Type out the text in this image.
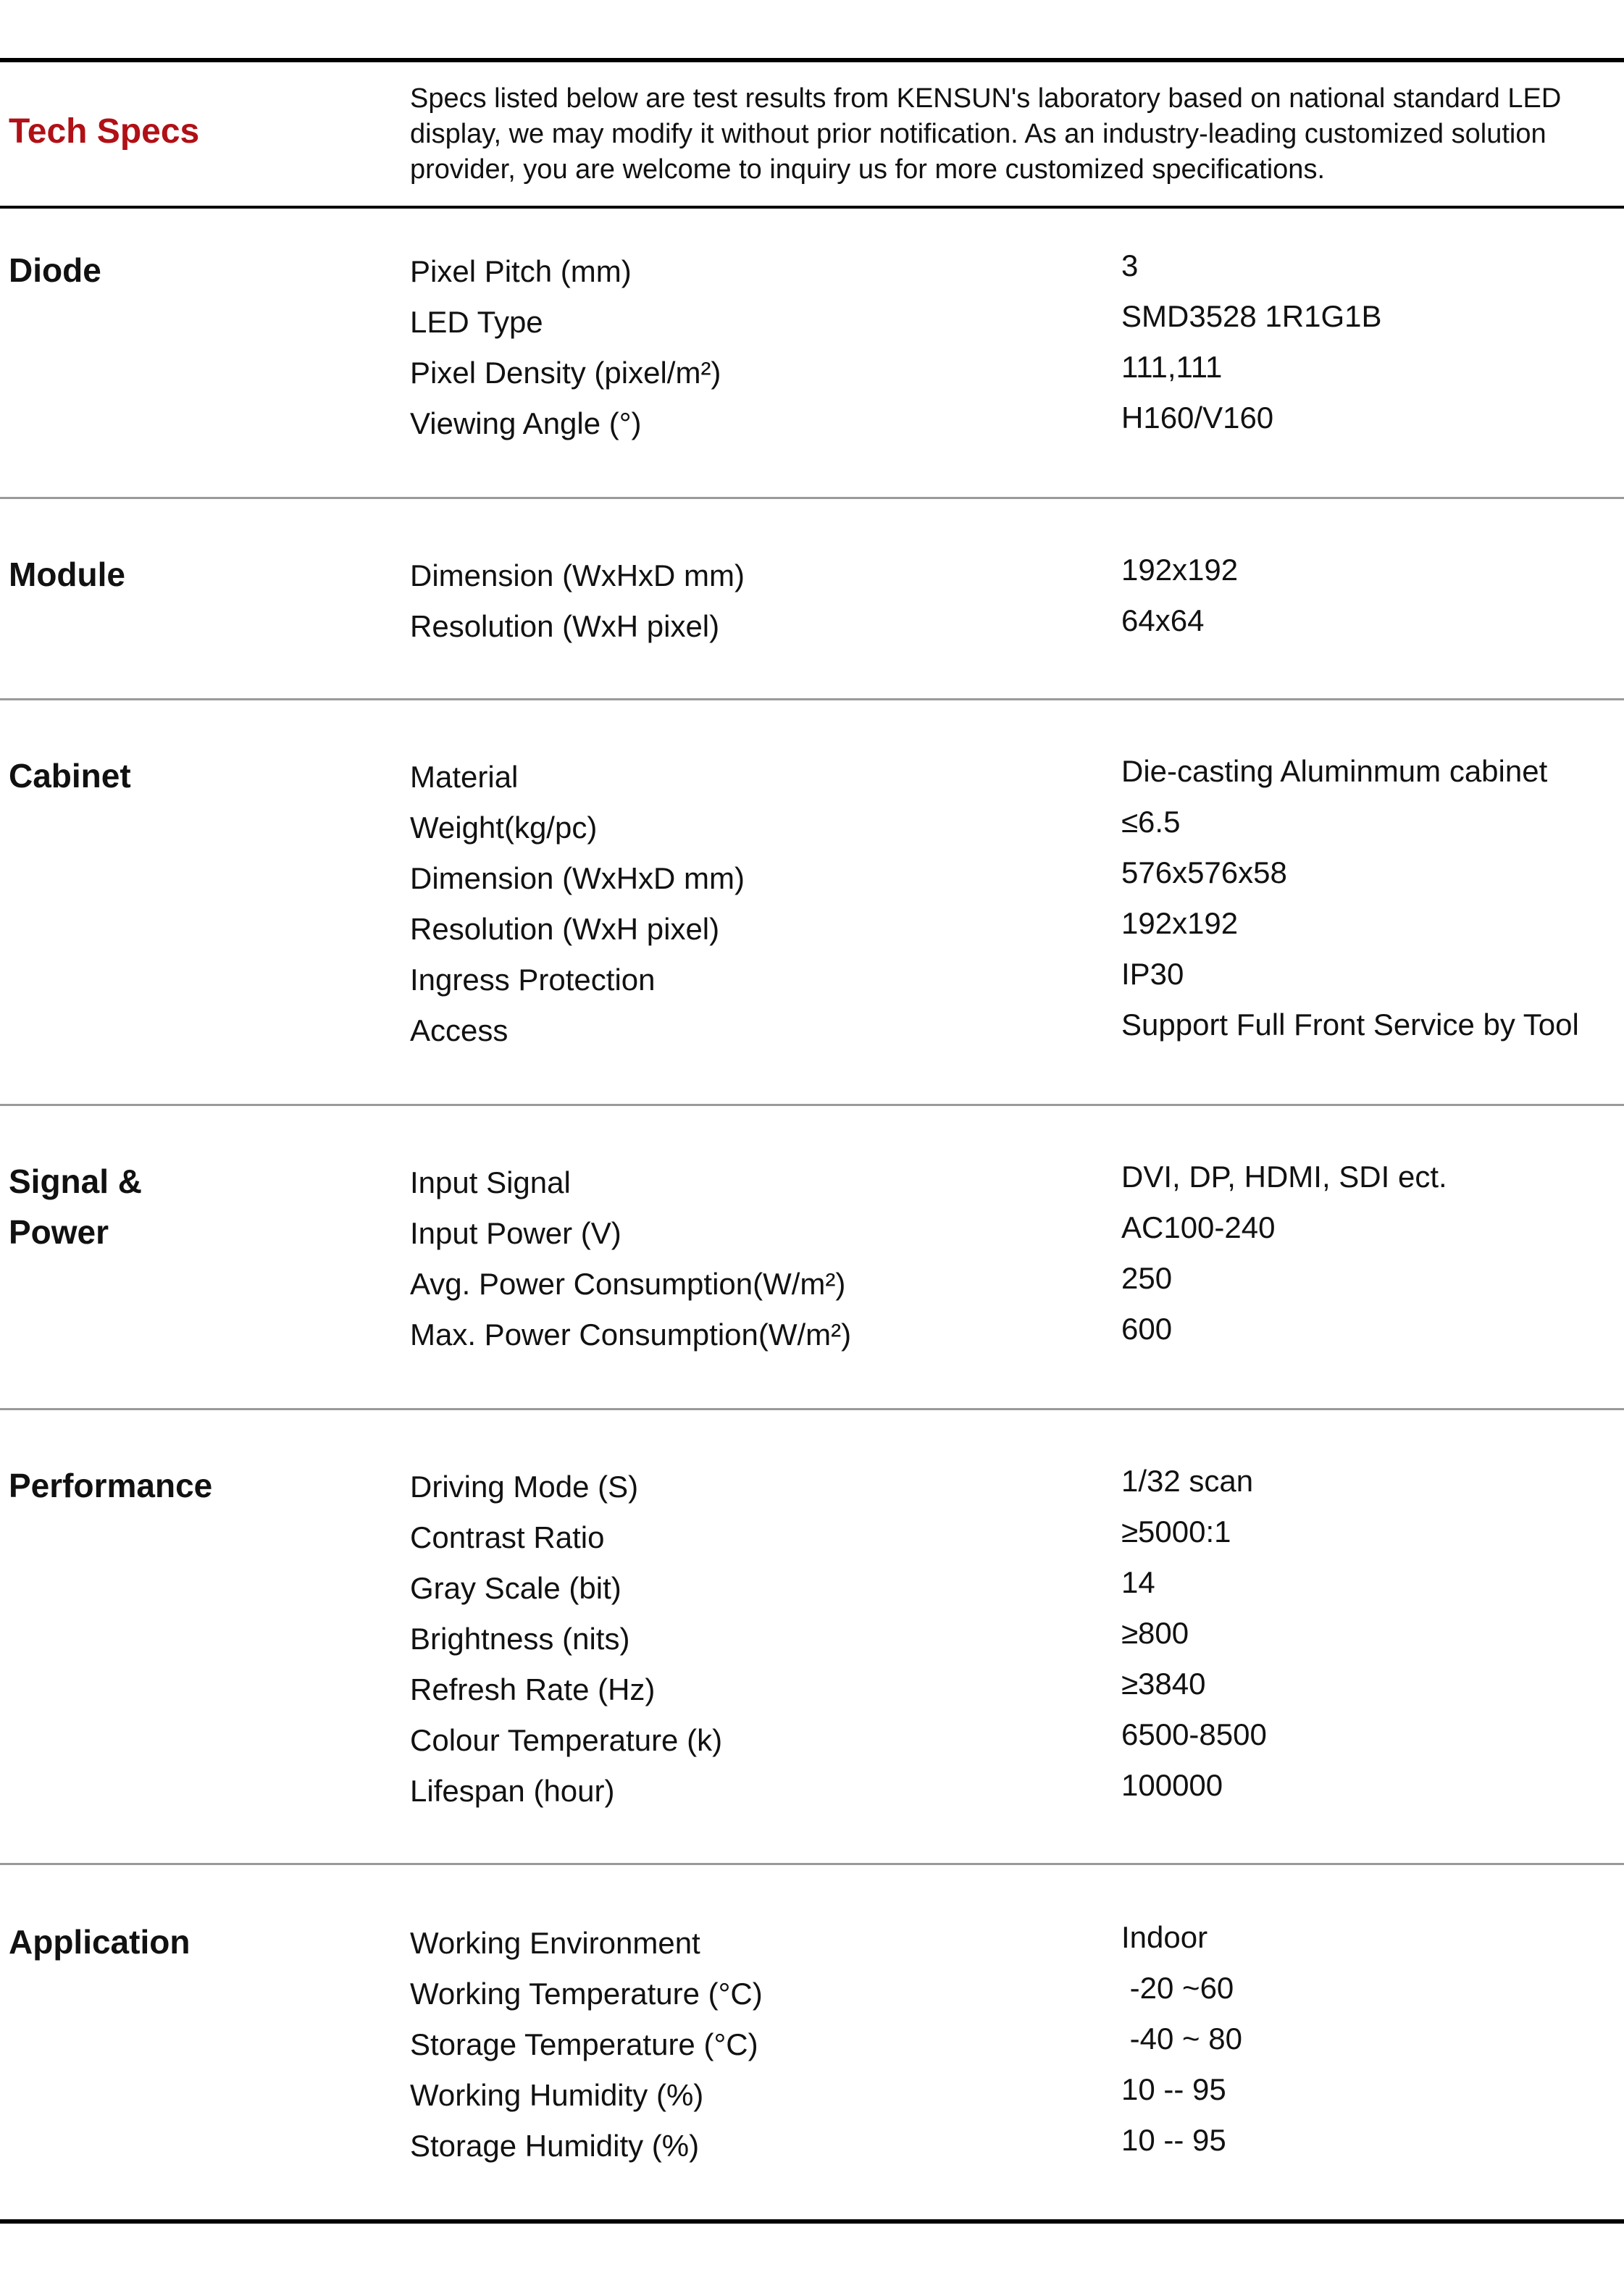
Tech Specs
Specs listed below are test results from KENSUN's laboratory based on national standard LED display, we may modify it without prior notification. As an industry-leading customized solution provider, you are welcome to inquiry us for more customized specifications.
Diode	Pixel Pitch (mm)	3
LED Type	SMD3528 1R1G1B
Pixel Density (pixel/m²)	111,111
Viewing Angle (°)	H160/V160
Module	Dimension (WxHxD mm)	192x192
Resolution (WxH pixel)	64x64
Cabinet	Material	Die-casting Aluminmum cabinet
Weight(kg/pc)	≤6.5
Dimension (WxHxD mm)	576x576x58
Resolution (WxH pixel)	192x192
Ingress Protection	IP30
Access	Support Full Front Service by Tool
Signal &
Power
Input Signal	DVI, DP, HDMI, SDI ect.
Input Power (V)	AC100-240
Avg. Power Consumption(W/m²)	250
Max. Power Consumption(W/m²)	600
Performance	Driving Mode (S)	1/32 scan
Contrast Ratio	≥5000:1
Gray Scale (bit)	14
Brightness (nits)	≥800
Refresh Rate (Hz)	≥3840
Colour Temperature (k)	6500-8500
Lifespan (hour)	100000
Application	Working Environment	Indoor
Working Temperature (°C)	-20 ~60
Storage Temperature (°C)	-40 ~ 80
Working Humidity (%)	10 -- 95
Storage Humidity (%)	10 -- 95
